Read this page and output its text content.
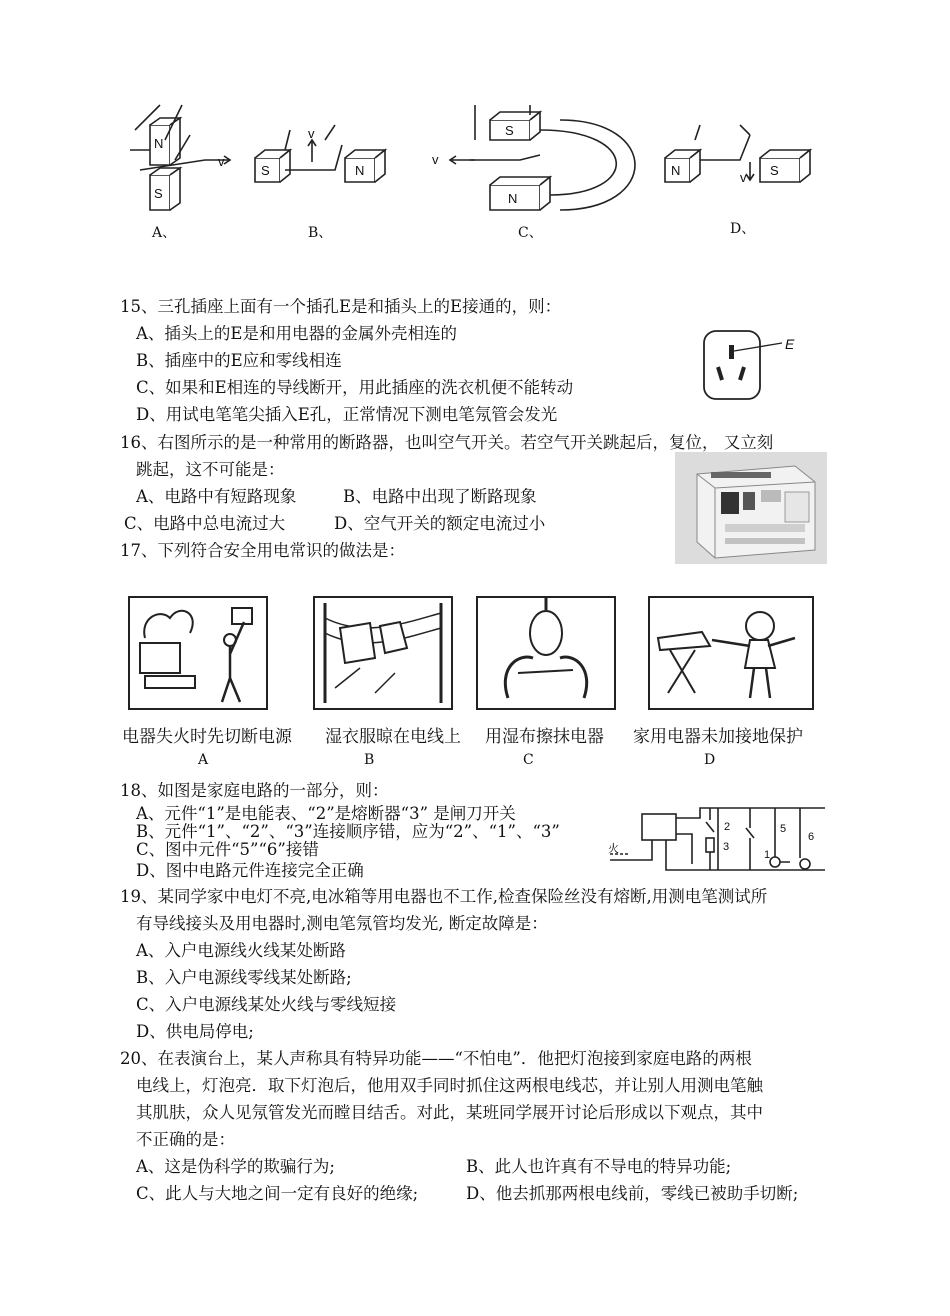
N
S
v
S	N
v	S
N
v
N	S
v
A、	B、	C、	D、
15、三孔插座上面有一个插孔E是和插头上的E接通的，则：
A、插头上的E是和用电器的金属外壳相连的
B、插座中的E应和零线相连
C、如果和E相连的导线断开，用此插座的洗衣机便不能转动
D、用试电笔笔尖插入E孔，正常情况下测电笔氖管会发光
E
16、右图所示的是一种常用的断路器，也叫空气开关。若空气开关跳起后，复位， 又立刻
跳起，这不可能是：
A、电路中有短路现象	B、电路中出现了断路现象
C、电路中总电流过大	D、空气开关的额定电流过小
17、下列符合安全用电常识的做法是：
电器失火时先切断电源 湿衣服晾在电线上 用湿布擦抹电器 家用电器未加接地保护
A	B	C	D
18、如图是家庭电路的一部分，则：
A、元件“1”是电能表、“2”是熔断器“3” 是闸刀开关
B、元件“1”、“2”、“3”连接顺序错，应为“2”、“1”、“3”
C、图中元件“5”“6”接错
D、图中电路元件连接完全正确
火	1
2
3
5
6
19、某同学家中电灯不亮,电冰箱等用电器也不工作,检查保险丝没有熔断,用测电笔测试所
有导线接头及用电器时,测电笔氖管均发光, 断定故障是：
A、入户电源线火线某处断路
B、入户电源线零线某处断路;
C、入户电源线某处火线与零线短接
D、供电局停电;
20、在表演台上，某人声称具有特异功能——“不怕电”．他把灯泡接到家庭电路的两根
电线上，灯泡亮．取下灯泡后，他用双手同时抓住这两根电线芯，并让别人用测电笔触
其肌肤，众人见氖管发光而瞠目结舌。对此，某班同学展开讨论后形成以下观点，其中
不正确的是：
A、这是伪科学的欺骗行为;	B、此人也许真有不导电的特异功能;
C、此人与大地之间一定有良好的绝缘;	D、他去抓那两根电线前，零线已被助手切断;
